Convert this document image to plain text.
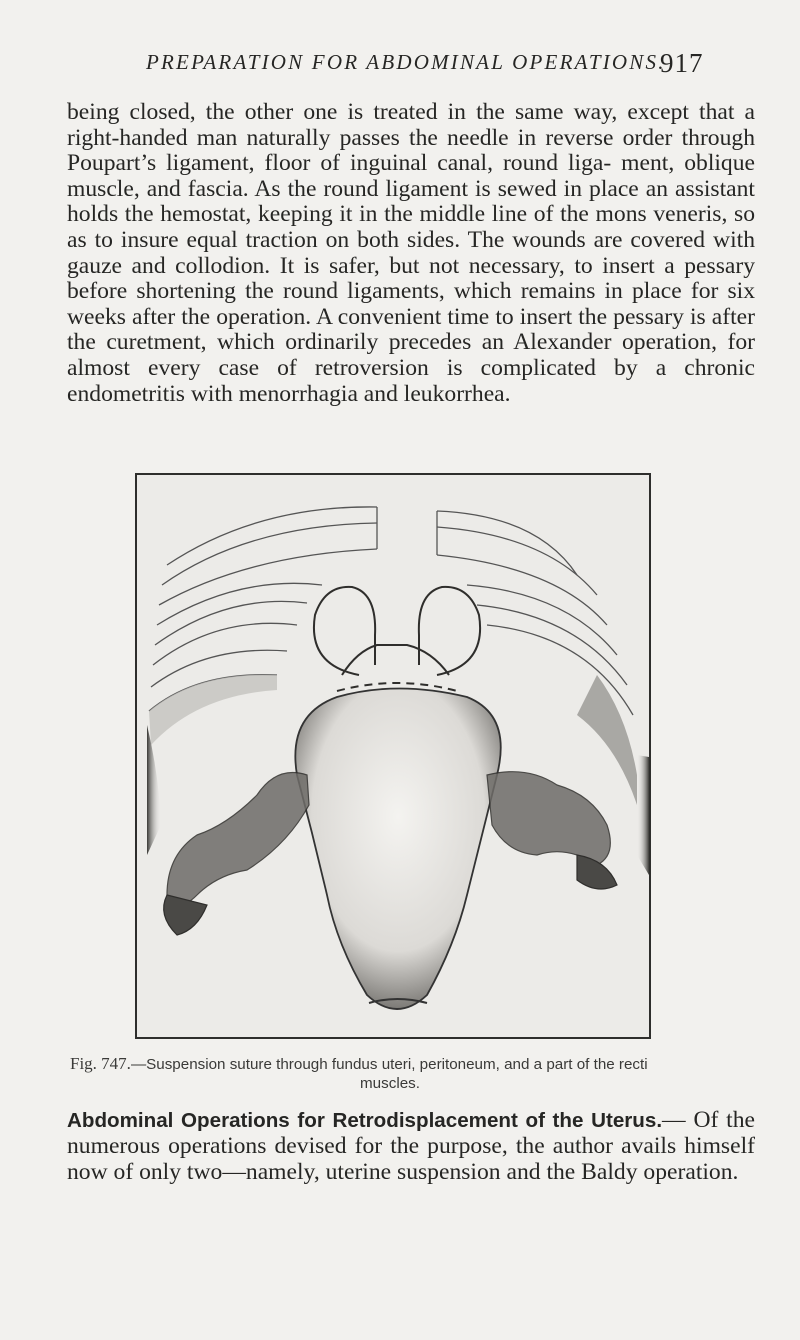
PREPARATION FOR ABDOMINAL OPERATIONS.
917

being closed, the other one is treated in the same way, except that a right-handed man naturally passes the needle in reverse order through Poupart’s ligament, floor of inguinal canal, round liga- ment, oblique muscle, and fascia. As the round ligament is sewed in place an assistant holds the hemostat, keeping it in the middle line of the mons veneris, so as to insure equal traction on both sides. The wounds are covered with gauze and collodion. It is safer, but not necessary, to insert a pessary before shortening the round ligaments, which remains in place for six weeks after the operation. A convenient time to insert the pessary is after the curetment, which ordinarily precedes an Alexander operation, for almost every case of retroversion is complicated by a chronic endometritis with menorrhagia and leukorrhea.

Fig. 747.—Suspension suture through fundus uteri, peritoneum, and a part of the recti
muscles.

Abdominal Operations for Retrodisplacement of the Uterus.— Of the numerous operations devised for the purpose, the author avails himself now of only two—namely, uterine suspension and the Baldy operation.
